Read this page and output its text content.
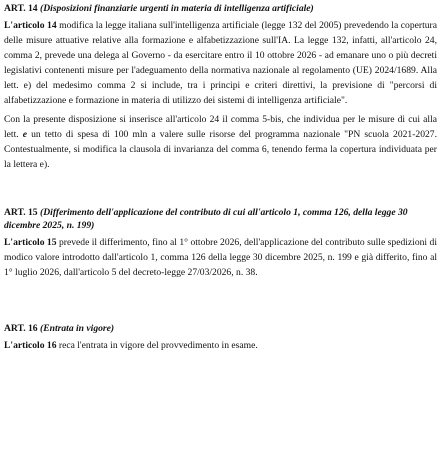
ART. 14 (Disposizioni finanziarie urgenti in materia di intelligenza artificiale)

L'articolo 14 modifica la legge italiana sull'intelligenza artificiale (legge 132 del 2005) prevedendo la copertura delle misure attuative relative alla formazione e alfabetizzazione sull'IA. La legge 132, infatti, all'articolo 24, comma 2, prevede una delega al Governo - da esercitare entro il 10 ottobre 2026 - ad emanare uno o più decreti legislativi contenenti misure per l'adeguamento della normativa nazionale al regolamento (UE) 2024/1689. Alla lett. e) del medesimo comma 2 si include, tra i principi e criteri direttivi, la previsione di "percorsi di alfabetizzazione e formazione in materia di utilizzo dei sistemi di intelligenza artificiale".

Con la presente disposizione si inserisce all'articolo 24 il comma 5-bis, che individua per le misure di cui alla lett. e un tetto di spesa di 100 mln a valere sulle risorse del programma nazionale "PN scuola 2021-2027. Contestualmente, si modifica la clausola di invarianza del comma 6, tenendo ferma la copertura individuata per la lettera e).

ART. 15 (Differimento dell'applicazione del contributo di cui all'articolo 1, comma 126, della legge 30 dicembre 2025, n. 199)

L'articolo 15 prevede il differimento, fino al 1° ottobre 2026, dell'applicazione del contributo sulle spedizioni di modico valore introdotto dall'articolo 1, comma 126 della legge 30 dicembre 2025, n. 199 e già differito, fino al 1° luglio 2026, dall'articolo 5 del decreto-legge 27/03/2026, n. 38.

ART. 16 (Entrata in vigore)

L'articolo 16 reca l'entrata in vigore del provvedimento in esame.
